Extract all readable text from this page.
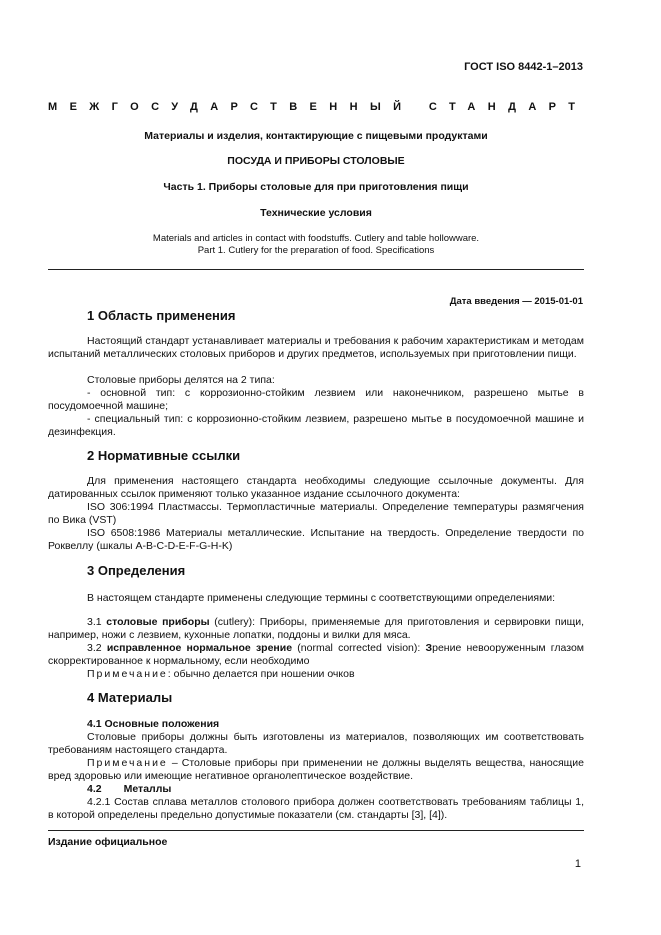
ГОСТ ISO 8442-1–2013
МЕЖГОСУДАРСТВЕННЫЙ СТАНДАРТ
Материалы и изделия, контактирующие с пищевыми продуктами
ПОСУДА И ПРИБОРЫ СТОЛОВЫЕ
Часть 1. Приборы столовые для при приготовления пищи
Технические условия
Materials and articles in contact with foodstuffs. Cutlery and table hollowware.
Part 1. Cutlery for the preparation of food. Specifications
Дата введения — 2015-01-01
1 Область применения
Настоящий стандарт устанавливает материалы и требования к рабочим характеристикам и методам испытаний металлических столовых приборов и других предметов, используемых при приготовлении пищи.
Столовые приборы делятся на 2 типа:
- основной тип: с коррозионно-стойким лезвием или наконечником, разрешено мытье в посудомоечной машине;
- специальный тип: с коррозионно-стойким лезвием, разрешено мытье в посудомоечной машине и дезинфекция.
2 Нормативные ссылки
Для применения настоящего стандарта необходимы следующие ссылочные документы. Для датированных ссылок применяют только указанное издание ссылочного документа:
ISO 306:1994 Пластмассы. Термопластичные материалы. Определение температуры размягчения по Вика (VST)
ISO 6508:1986 Материалы металлические. Испытание на твердость. Определение твердости по Роквеллу (шкалы A-B-C-D-E-F-G-H-K)
3 Определения
В настоящем стандарте применены следующие термины с соответствующими определениями:
3.1 столовые приборы (cutlery): Приборы, применяемые для приготовления и сервировки пищи, например, ножи с лезвием, кухонные лопатки, поддоны и вилки для мяса.
3.2 исправленное нормальное зрение (normal corrected vision): Зрение невооруженным глазом скорректированное к нормальному, если необходимо
Примечание: обычно делается при ношении очков
4 Материалы
4.1 Основные положения
Столовые приборы должны быть изготовлены из материалов, позволяющих им соответствовать требованиям настоящего стандарта.
Примечание – Столовые приборы при применении не должны выделять вещества, наносящие вред здоровью или имеющие негативное органолептическое воздействие.
4.2 Металлы
4.2.1 Состав сплава металлов столового прибора должен соответствовать требованиям таблицы 1, в которой определены предельно допустимые показатели (см. стандарты [3], [4]).
Издание официальное
1
